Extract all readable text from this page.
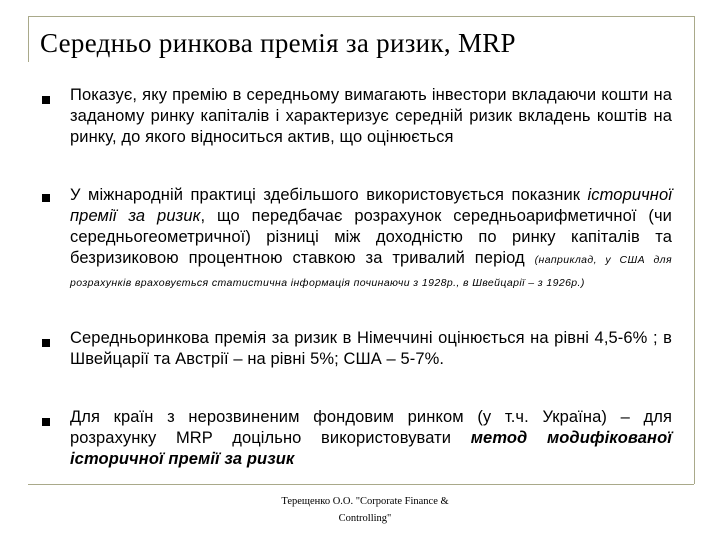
Середньо ринкова премія за ризик, MRP

Показує, яку премію в середньому вимагають інвестори вкладаючи кошти на заданому ринку капіталів і характеризує середній ризик вкладень коштів на ринку, до якого відноситься актив, що оцінюється

У міжнародній практиці здебільшого використовується показник історичної премії за ризик, що передбачає розрахунок середньоарифметичної (чи середньогеометричної) різниці між доходністю по ринку капіталів та безризиковою процентною ставкою за тривалий період (наприклад, у США для розрахунків враховується статистична інформація починаючи з 1928р., в Швейцарії – з 1926р.)

Середньоринкова премія за ризик в Німеччині оцінюється на рівні 4,5-6% ; в Швейцарії та Австрії – на рівні 5%; США – 5-7%.

Для країн з нерозвиненим фондовим ринком (у т.ч. Україна) – для розрахунку MRP доцільно використовувати метод модифікованої історичної премії за ризик

Терещенко О.О. "Corporate Finance &
Controlling"
